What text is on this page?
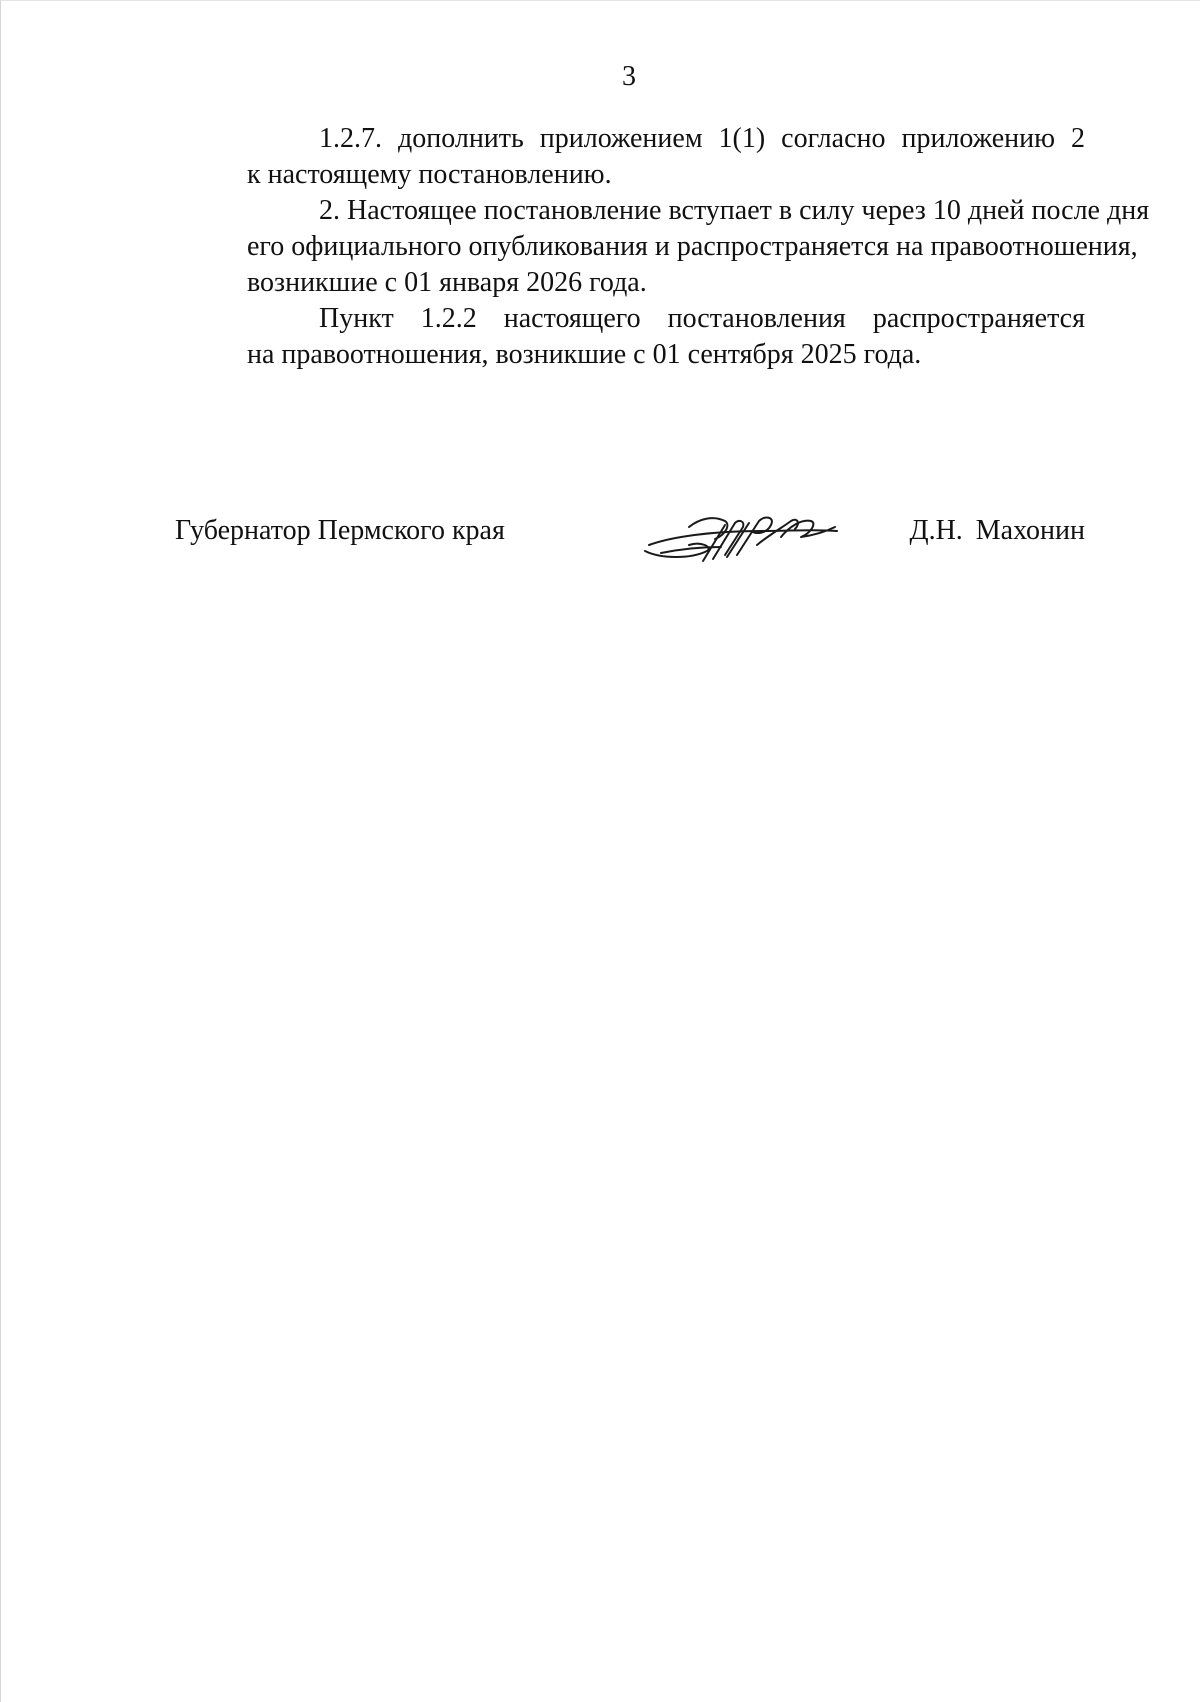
3
1.2.7. дополнить приложением 1(1) согласно приложению 2
к настоящему постановлению.
2. Настоящее постановление вступает в силу через 10 дней после дня
его официального опубликования и распространяется на правоотношения,
возникшие с 01 января 2026 года.
Пункт 1.2.2 настоящего постановления распространяется
на правоотношения, возникшие с 01 сентября 2025 года.
Губернатор Пермского края	Д.Н. Махонин
